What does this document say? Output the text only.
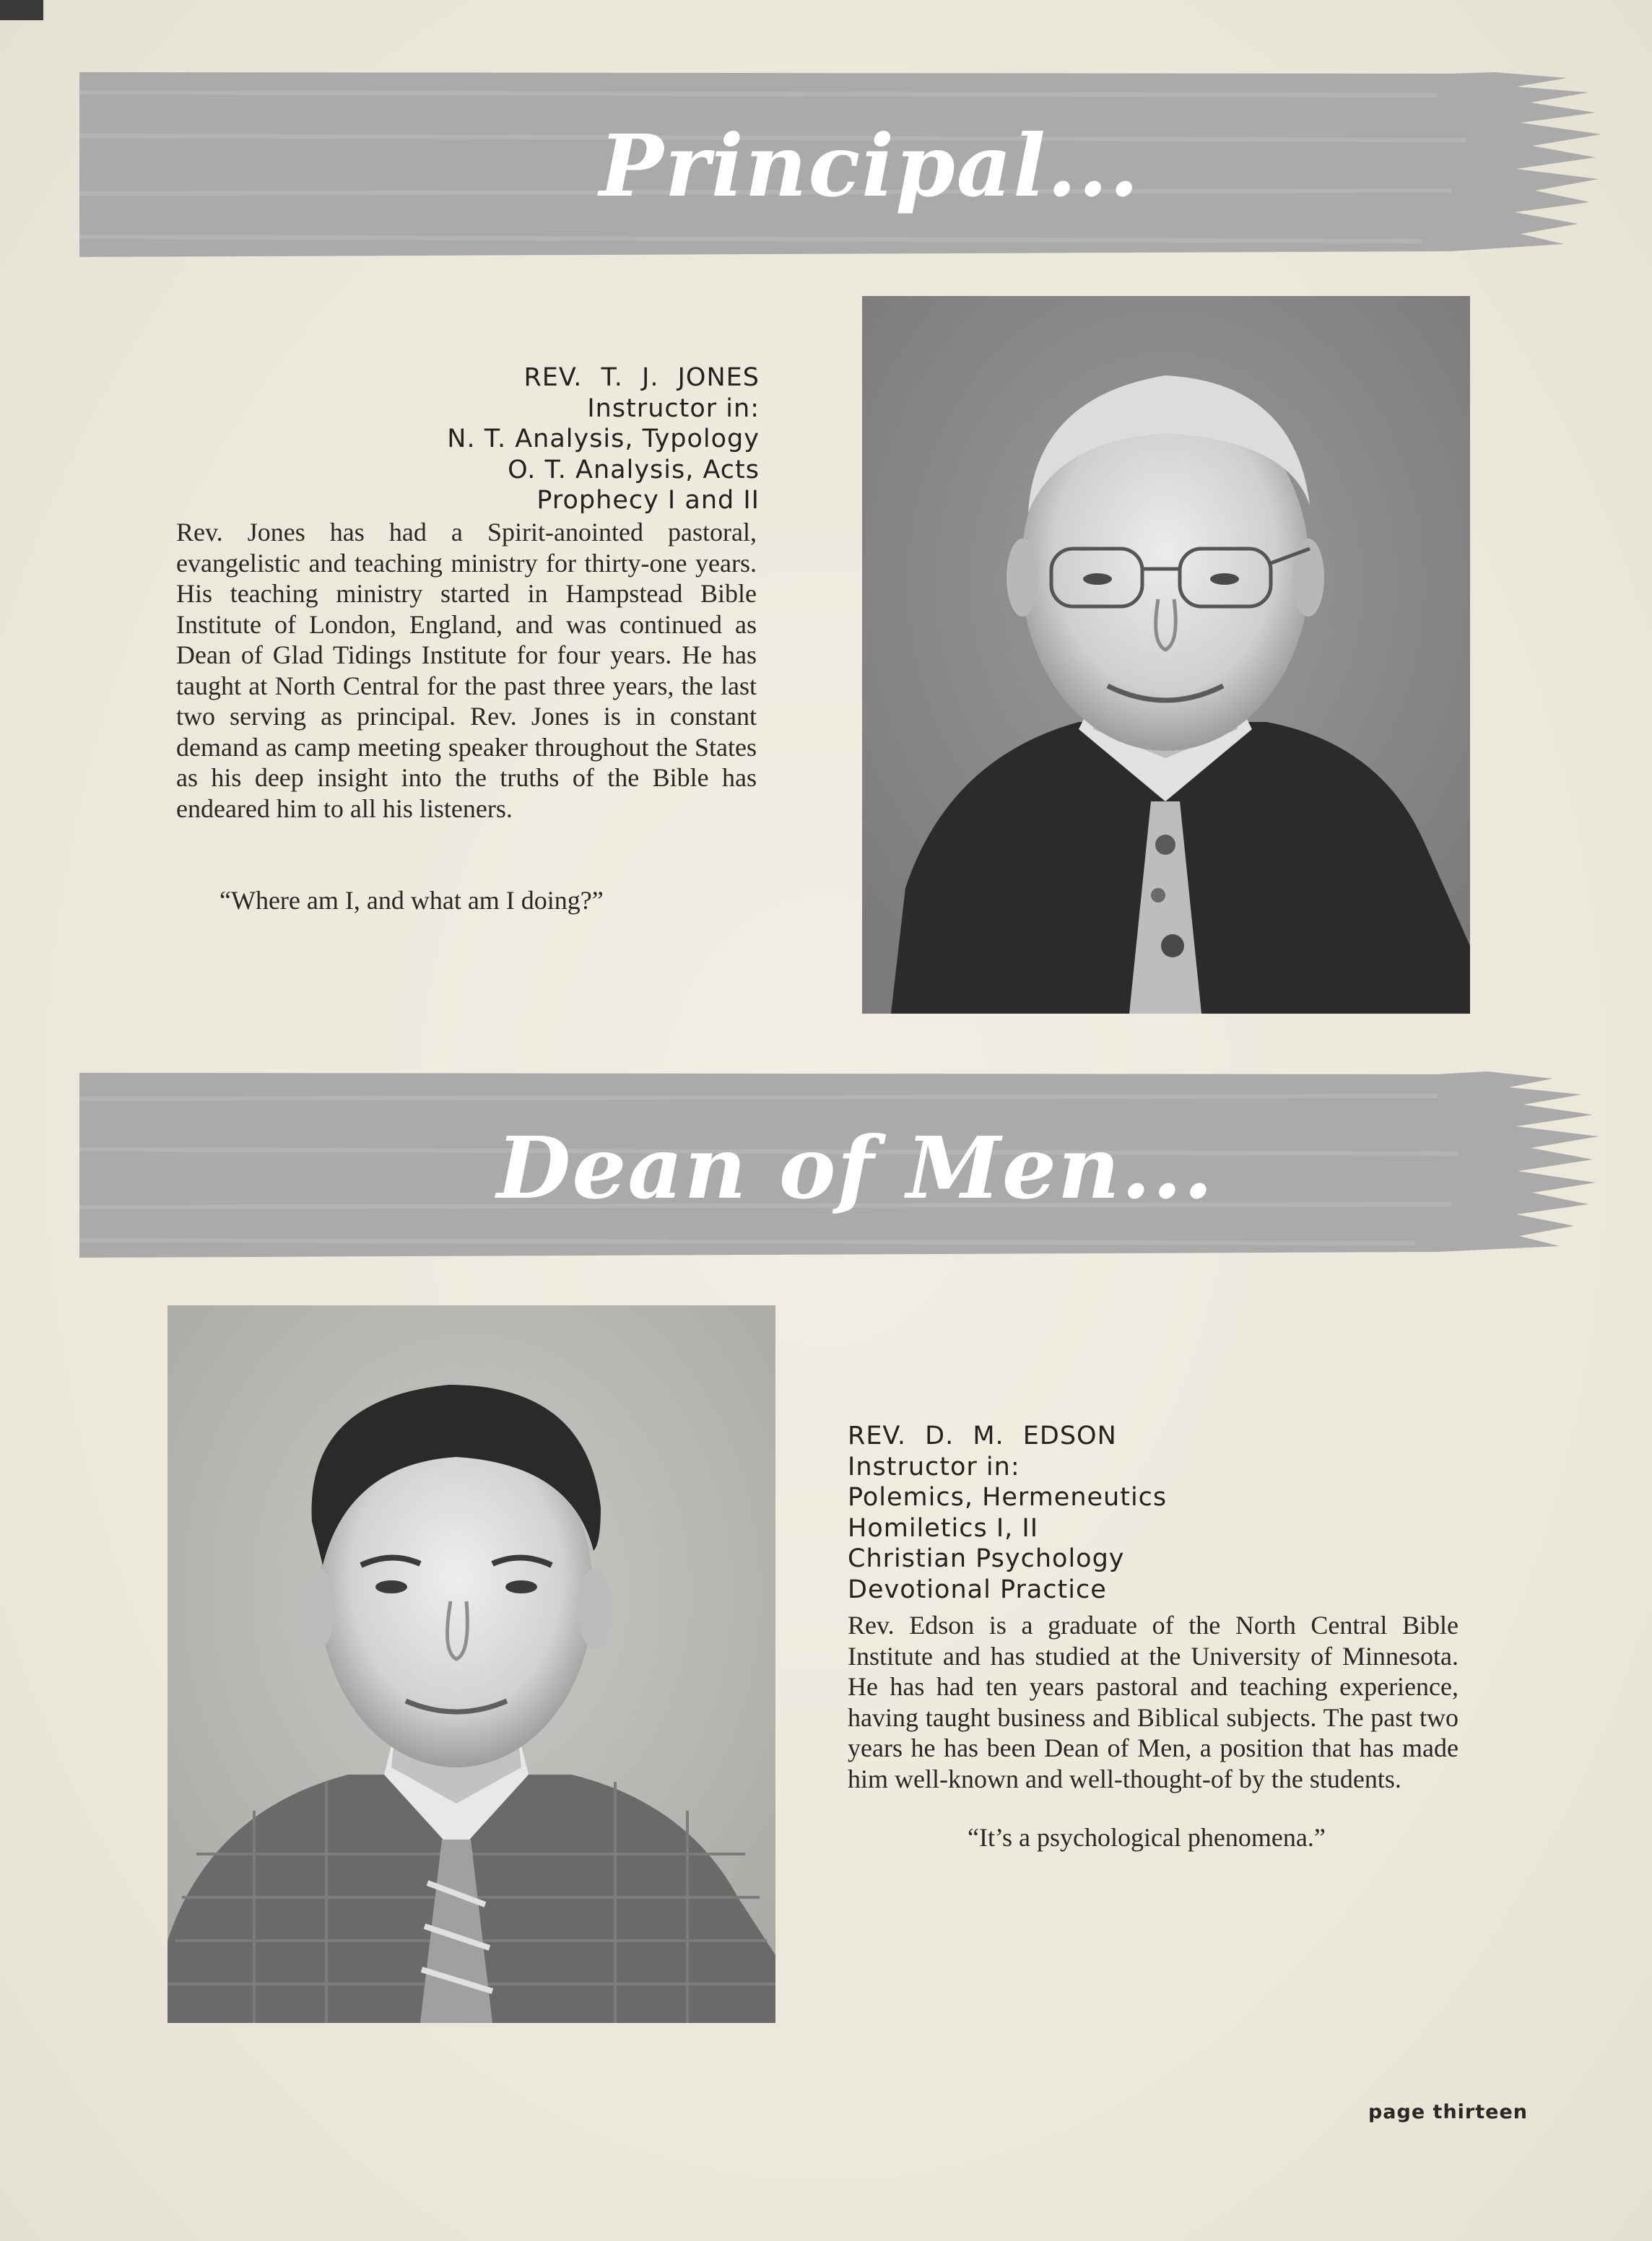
Principal...
REV. T. J. JONES
Instructor in:
N. T. Analysis, Typology
O. T. Analysis, Acts
Prophecy I and II
Rev. Jones has had a Spirit-anointed pastoral, evangelistic and teaching ministry for thirty-one years. His teaching ministry started in Hampstead Bible Institute of London, England, and was continued as Dean of Glad Tidings Institute for four years. He has taught at North Central for the past three years, the last two serving as principal. Rev. Jones is in constant demand as camp meeting speaker throughout the States as his deep insight into the truths of the Bible has endeared him to all his listeners.
“Where am I, and what am I doing?”
Dean of Men...
REV. D. M. EDSON
Instructor in:
Polemics, Hermeneutics
Homiletics I, II
Christian Psychology
Devotional Practice
Rev. Edson is a graduate of the North Central Bible Institute and has studied at the University of Minnesota. He has had ten years pastoral and teaching experience, having taught business and Biblical subjects. The past two years he has been Dean of Men, a position that has made him well-known and well-thought-of by the students.
“It’s a psychological phenomena.”
page thirteen
